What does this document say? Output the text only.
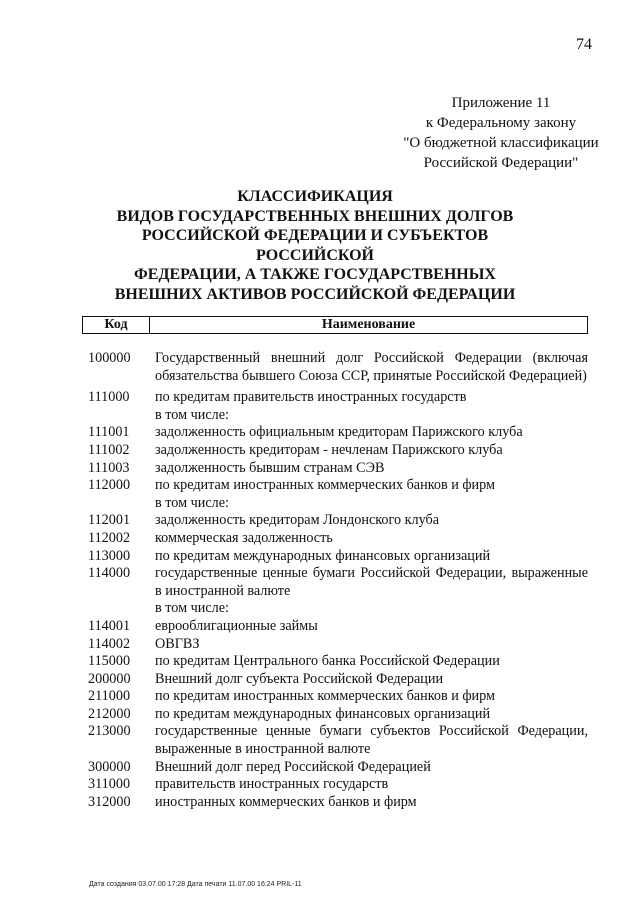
74
Приложение 11
к Федеральному закону
"О бюджетной классификации
Российской Федерации"
КЛАССИФИКАЦИЯ
ВИДОВ ГОСУДАРСТВЕННЫХ ВНЕШНИХ ДОЛГОВ
РОССИЙСКОЙ ФЕДЕРАЦИИ И СУБЪЕКТОВ РОССИЙСКОЙ
ФЕДЕРАЦИИ, А ТАКЖЕ ГОСУДАРСТВЕННЫХ
ВНЕШНИХ АКТИВОВ РОССИЙСКОЙ ФЕДЕРАЦИИ
Код	Наименование
100000	Государственный внешний долг Российской Федерации (включая обязательства бывшего Союза ССР, принятые Российской Федерацией)
111000	по кредитам правительств иностранных государств
в том числе:
111001	задолженность официальным кредиторам Парижского клуба
111002	задолженность кредиторам - нечленам Парижского клуба
111003	задолженность бывшим странам СЭВ
112000	по кредитам иностранных коммерческих банков и фирм
в том числе:
112001	задолженность кредиторам Лондонского клуба
112002	коммерческая задолженность
113000	по кредитам международных финансовых организаций
114000	государственные ценные бумаги Российской Федерации, выраженные в иностранной валюте
в том числе:
114001	еврооблигационные займы
114002	ОВГВЗ
115000	по кредитам Центрального банка Российской Федерации
200000	Внешний долг субъекта Российской Федерации
211000	по кредитам иностранных коммерческих банков и фирм
212000	по кредитам международных финансовых организаций
213000	государственные ценные бумаги субъектов Российской Федерации, выраженные в иностранной валюте
300000	Внешний долг перед Российской Федерацией
311000	правительств иностранных государств
312000	иностранных коммерческих банков и фирм
Дата создания 03.07.00 17:28 Дата печати 11.07.00 16:24 PRIL-11
